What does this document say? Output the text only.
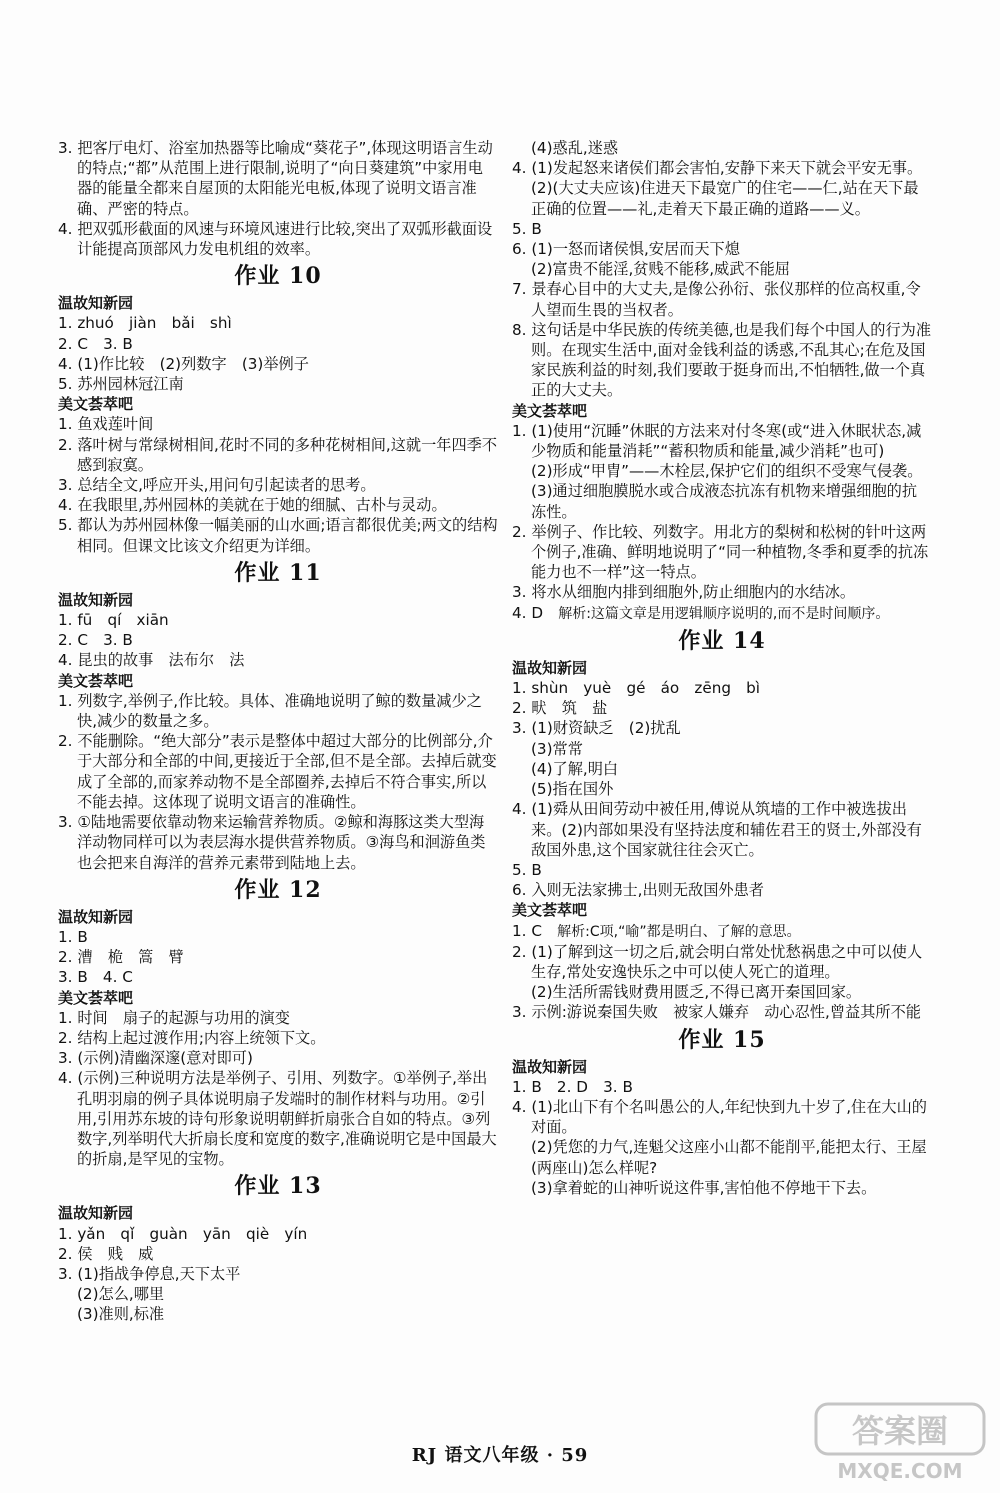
3. 把客厅电灯、浴室加热器等比喻成“葵花子”,体现这明语言生动的特点;“都”从范围上进行限制,说明了“向日葵建筑”中家用电器的能量全都来自屋顶的太阳能光电板,体现了说明文语言准确、严密的特点。
4. 把双弧形截面的风速与环境风速进行比较,突出了双弧形截面设计能提高顶部风力发电机组的效率。
作业 10
温故知新园
1. zhuó　jiàn　bǎi　shì
2. C　3. B
4. (1)作比较　(2)列数字　(3)举例子
5. 苏州园林冠江南
美文荟萃吧
1. 鱼戏莲叶间
2. 落叶树与常绿树相间,花时不同的多种花树相间,这就一年四季不感到寂寞。
3. 总结全文,呼应开头,用问句引起读者的思考。
4. 在我眼里,苏州园林的美就在于她的细腻、古朴与灵动。
5. 都认为苏州园林像一幅美丽的山水画;语言都很优美;两文的结构相同。但课文比该文介绍更为详细。
作业 11
温故知新园
1. fū　qí　xiān
2. C　3. B
4. 昆虫的故事　法布尔　法
美文荟萃吧
1. 列数字,举例子,作比较。具体、准确地说明了鲸的数量减少之快,减少的数量之多。
2. 不能删除。“绝大部分”表示是整体中超过大部分的比例部分,介于大部分和全部的中间,更接近于全部,但不是全部。去掉后就变成了全部的,而家养动物不是全部圈养,去掉后不符合事实,所以不能去掉。这体现了说明文语言的准确性。
3. ①陆地需要依靠动物来运输营养物质。②鲸和海豚这类大型海洋动物同样可以为表层海水提供营养物质。③海鸟和洄游鱼类也会把来自海洋的营养元素带到陆地上去。
作业 12
温故知新园
1. B
2. 漕　桅　篙　臂
3. B　4. C
美文荟萃吧
1. 时间　扇子的起源与功用的演变
2. 结构上起过渡作用;内容上统领下文。
3. (示例)清幽深邃(意对即可)
4. (示例)三种说明方法是举例子、引用、列数字。①举例子,举出孔明羽扇的例子具体说明扇子发端时的制作材料与功用。②引用,引用苏东坡的诗句形象说明朝鲜折扇张合自如的特点。③列数字,列举明代大折扇长度和宽度的数字,准确说明它是中国最大的折扇,是罕见的宝物。
作业 13
温故知新园
1. yǎn　qǐ　guàn　yān　qiè　yín
2. 侯　贱　威
3. (1)指战争停息,天下太平
(2)怎么,哪里
(3)准则,标准
(4)惑乱,迷惑
4. (1)发起怒来诸侯们都会害怕,安静下来天下就会平安无事。
(2)(大丈夫应该)住进天下最宽广的住宅——仁,站在天下最正确的位置——礼,走着天下最正确的道路——义。
5. B
6. (1)一怒而诸侯惧,安居而天下熄
(2)富贵不能淫,贫贱不能移,威武不能屈
7. 景春心目中的大丈夫,是像公孙衍、张仪那样的位高权重,令人望而生畏的当权者。
8. 这句话是中华民族的传统美德,也是我们每个中国人的行为准则。在现实生活中,面对金钱利益的诱惑,不乱其心;在危及国家民族利益的时刻,我们要敢于挺身而出,不怕牺牲,做一个真正的大丈夫。
美文荟萃吧
1. (1)使用“沉睡”休眠的方法来对付冬寒(或“进入休眠状态,减少物质和能量消耗”“蓄积物质和能量,减少消耗”也可)
(2)形成“甲胄”——木栓层,保护它们的组织不受寒气侵袭。
(3)通过细胞膜脱水或合成液态抗冻有机物来增强细胞的抗冻性。
2. 举例子、作比较、列数字。用北方的梨树和松树的针叶这两个例子,准确、鲜明地说明了“同一种植物,冬季和夏季的抗冻能力也不一样”这一特点。
3. 将水从细胞内排到细胞外,防止细胞内的水结冰。
4. D　解析:这篇文章是用逻辑顺序说明的,而不是时间顺序。
作业 14
温故知新园
1. shùn　yuè　gé　áo　zēng　bì
2. 畎　筑　盐
3. (1)财资缺乏　(2)扰乱
(3)常常
(4)了解,明白
(5)指在国外
4. (1)舜从田间劳动中被任用,傅说从筑墙的工作中被选拔出来。(2)内部如果没有坚持法度和辅佐君王的贤士,外部没有敌国外患,这个国家就往往会灭亡。
5. B
6. 入则无法家拂士,出则无敌国外患者
美文荟萃吧
1. C　解析:C项,“喻”都是明白、了解的意思。
2. (1)了解到这一切之后,就会明白常处忧愁祸患之中可以使人生存,常处安逸快乐之中可以使人死亡的道理。
(2)生活所需钱财费用匮乏,不得已离开秦国回家。
3. 示例:游说秦国失败　被家人嫌弃　动心忍性,曾益其所不能
作业 15
温故知新园
1. B　2. D　3. B
4. (1)北山下有个名叫愚公的人,年纪快到九十岁了,住在大山的对面。
(2)凭您的力气,连魁父这座小山都不能削平,能把太行、王屋(两座山)怎么样呢?
(3)拿着蛇的山神听说这件事,害怕他不停地干下去。
RJ 语文八年级 · 59
答案圈
MXQE.COM
